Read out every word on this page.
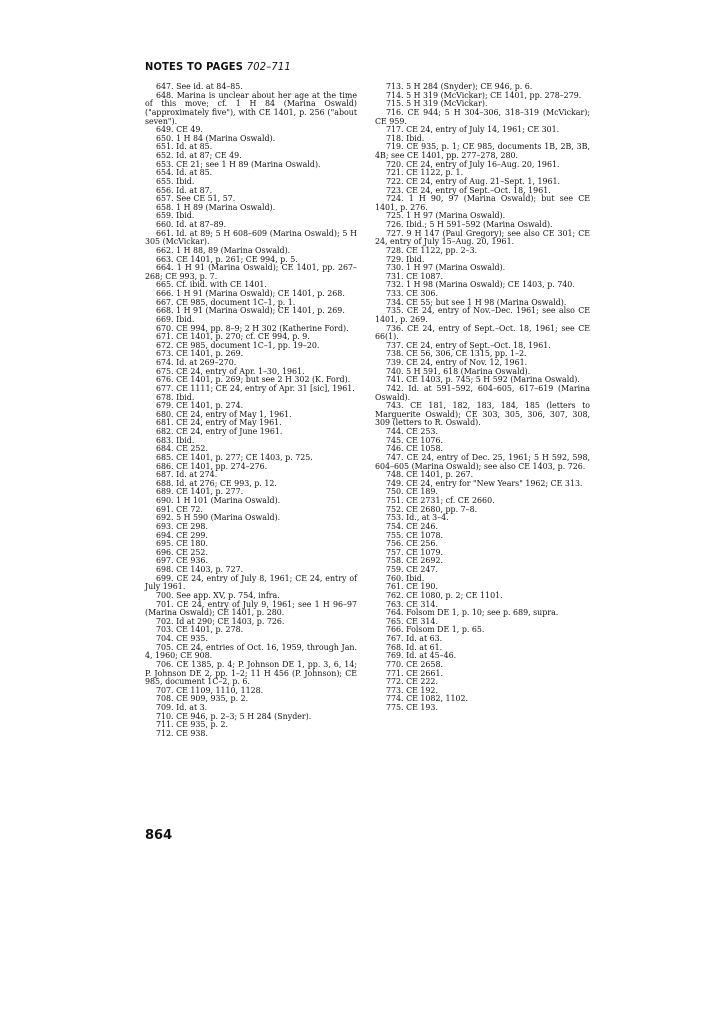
NOTES TO PAGES 702–711

647. See id. at 84–85.

648. Marina is unclear about her age at the time of this move; cf. 1 H 84 (Marina Oswald) ("approximately five"), with CE 1401, p. 256 ("about seven").

649. CE 49.

650. 1 H 84 (Marina Oswald).

651. Id. at 85.

652. Id. at 87; CE 49.

653. CE 21; see 1 H 89 (Marina Oswald).

654. Id. at 85.

655. Ibid.

656. Id. at 87.

657. See CE 51, 57.

658. 1 H 89 (Marina Oswald).

659. Ibid.

660. Id. at 87–89.

661. Id. at 89; 5 H 608–609 (Marina Oswald); 5 H 305 (McVickar).

662. 1 H 88, 89 (Marina Oswald).

663. CE 1401, p. 261; CE 994, p. 5.

664. 1 H 91 (Marina Oswald); CE 1401, pp. 267–268; CE 993, p. 7.

665. Cf. ibid. with CE 1401.

666. 1 H 91 (Marina Oswald); CE 1401, p. 268.

667. CE 985, document 1C–1, p. 1.

668. 1 H 91 (Marina Oswald); CE 1401, p. 269.

669. Ibid.

670. CE 994, pp. 8–9; 2 H 302 (Katherine Ford).

671. CE 1401, p. 270; cf. CE 994, p. 9.

672. CE 985, document 1C–1, pp. 19–20.

673. CE 1401, p. 269.

674. Id. at 269–270.

675. CE 24, entry of Apr. 1–30, 1961.

676. CE 1401, p. 269; but see 2 H 302 (K. Ford).

677. CE 1111; CE 24, entry of Apr. 31 [sic], 1961.

678. Ibid.

679. CE 1401, p. 274.

680. CE 24, entry of May 1, 1961.

681. CE 24, entry of May 1961.

682. CE 24, entry of June 1961.

683. Ibid.

684. CE 252.

685. CE 1401, p. 277; CE 1403, p. 725.

686. CE 1401, pp. 274–276.

687. Id. at 274.

688. Id. at 276; CE 993, p. 12.

689. CE 1401, p. 277.

690. 1 H 101 (Marina Oswald).

691. CE 72.

692. 5 H 590 (Marina Oswald).

693. CE 298.

694. CE 299.

695. CE 180.

696. CE 252.

697. CE 936.

698. CE 1403, p. 727.

699. CE 24, entry of July 8, 1961; CE 24, entry of July 1961.

700. See app. XV, p. 754, infra.

701. CE 24, entry of July 9, 1961; see 1 H 96–97 (Marina Oswald); CE 1401, p. 280.

702. Id at 290; CE 1403, p. 726.

703. CE 1401, p. 278.

704. CE 935.

705. CE 24, entries of Oct. 16, 1959, through Jan. 4, 1960; CE 908.

706. CE 1385, p. 4; P. Johnson DE 1, pp. 3, 6, 14; P. Johnson DE 2, pp. 1–2; 11 H 456 (P. Johnson); CE 985, document 1C–2, p. 6.

707. CE 1109, 1110, 1128.

708. CE 909, 935, p. 2.

709. Id. at 3.

710. CE 946, p. 2–3; 5 H 284 (Snyder).

711. CE 935, p. 2.

712. CE 938.

713. 5 H 284 (Snyder); CE 946, p. 6.

714. 5 H 319 (McVickar); CE 1401, pp. 278–279.

715. 5 H 319 (McVickar).

716. CE 944; 5 H 304–306, 318–319 (McVickar); CE 959.

717. CE 24, entry of July 14, 1961; CE 301.

718. Ibid.

719. CE 935, p. 1; CE 985, documents 1B, 2B, 3B, 4B; see CE 1401, pp. 277–278, 280.

720. CE 24, entry of July 16–Aug. 20, 1961.

721. CE 1122, p. 1.

722. CE 24, entry of Aug. 21–Sept. 1, 1961.

723. CE 24, entry of Sept.–Oct. 18, 1961.

724. 1 H 90, 97 (Marina Oswald); but see CE 1401, p. 276.

725. 1 H 97 (Marina Oswald).

726. Ibid.; 5 H 591–592 (Marina Oswald).

727. 9 H 147 (Paul Gregory); see also CE 301; CE 24, entry of July 15–Aug. 20, 1961.

728. CE 1122, pp. 2–3.

729. Ibid.

730. 1 H 97 (Marina Oswald).

731. CE 1087.

732. 1 H 98 (Marina Oswald); CE 1403, p. 740.

733. CE 306.

734. CE 55; but see 1 H 98 (Marina Oswald).

735. CE 24, entry of Nov.–Dec. 1961; see also CE 1401, p. 269.

736. CE 24, entry of Sept.–Oct. 18, 1961; see CE 66(1).

737. CE 24, entry of Sept.–Oct. 18, 1961.

738. CE 56, 306, CE 1315, pp. 1–2.

739. CE 24, entry of Nov. 12, 1961.

740. 5 H 591, 618 (Marina Oswald).

741. CE 1403, p. 745; 5 H 592 (Marina Oswald).

742. Id. at 591–592, 604–605, 617–619 (Marina Oswald).

743. CE 181, 182, 183, 184, 185 (letters to Marguerite Oswald); CE 303, 305, 306, 307, 308, 309 (letters to R. Oswald).

744. CE 253.

745. CE 1076.

746. CE 1058.

747. CE 24, entry of Dec. 25, 1961; 5 H 592, 598, 604–605 (Marina Oswald); see also CE 1403, p. 726.

748. CE 1401, p. 267.

749. CE 24, entry for "New Years" 1962; CE 313.

750. CE 189.

751. CE 2731; cf. CE 2660.

752. CE 2680, pp. 7–8.

753. Id., at 3–4.

754. CE 246.

755. CE 1078.

756. CE 256.

757. CE 1079.

758. CE 2692.

759. CE 247.

760. Ibid.

761. CE 190.

762. CE 1080, p. 2; CE 1101.

763. CE 314.

764. Folsom DE 1, p. 10; see p. 689, supra.

765. CE 314.

766. Folsom DE 1, p. 65.

767. Id. at 63.

768. Id. at 61.

769. Id. at 45–46.

770. CE 2658.

771. CE 2661.

772. CE 222.

773. CE 192.

774. CE 1082, 1102.

775. CE 193.

864
